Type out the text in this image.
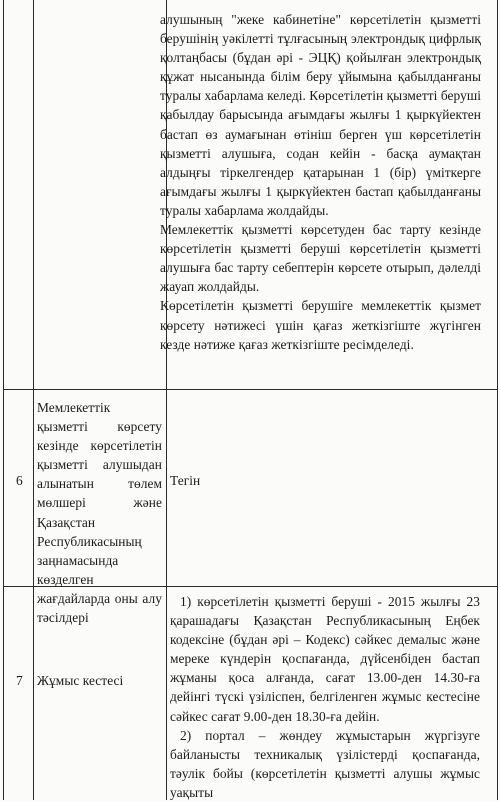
алушының "жеке кабинетіне" көрсетілетін қызметті берушінің уәкілетті тұлғасының электрондық цифрлық қолтаңбасы (бұдан әрі - ЭЦҚ) қойылған электрондық құжат нысанында білім беру ұйымына қабылданғаны туралы хабарлама келеді. Көрсетілетін қызметті беруші қабылдау барысында ағымдағы жылғы 1 қыркүйектен бастап өз аумағынан өтініш берген үш көрсетілетін қызметті алушыға, содан кейін - басқа аумақтан алдыңғы тіркелгендер қатарынан 1 (бір) үміткерге ағымдағы жылғы 1 қыркүйектен бастап қабылданғаны туралы хабарлама жолдайды.

Мемлекеттік қызметті көрсетуден бас тарту кезінде көрсетілетін қызметті беруші көрсетілетін қызметті алушыға бас тарту себептерін көрсете отырып, дәлелді жауап жолдайды.

Көрсетілетін қызметті берушіге мемлекеттік қызмет көрсету нәтижесі үшін қағаз жеткізгіште жүгінген кезде нәтиже қағаз жеткізгіште ресімделеді.

6
Мемлекеттік қызметті көрсету кезінде көрсетілетін қызметті алушыдан алынатын төлем мөлшері және Қазақстан Республикасының заңнамасында көзделген жағдайларда оны алу тәсілдері

Тегін

7 Жұмыс кестесі

1) көрсетілетін қызметті беруші - 2015 жылғы 23 қарашадағы Қазақстан Республикасының Еңбек кодексіне (бұдан әрі – Кодекс) сәйкес демалыс және мереке күндерін қоспағанда, дүйсенбіден бастап жұманы қоса алғанда, сағат 13.00-ден 14.30-ға дейінгі түскі үзіліспен, белгіленген жұмыс кестесіне сәйкес сағат 9.00-ден 18.30-ға дейін.

2) портал – жөндеу жұмыстарын жүргізуге байланысты техникалық үзілістерді қоспағанда, тәулік бойы (көрсетілетін қызметті алушы жұмыс уақыты
